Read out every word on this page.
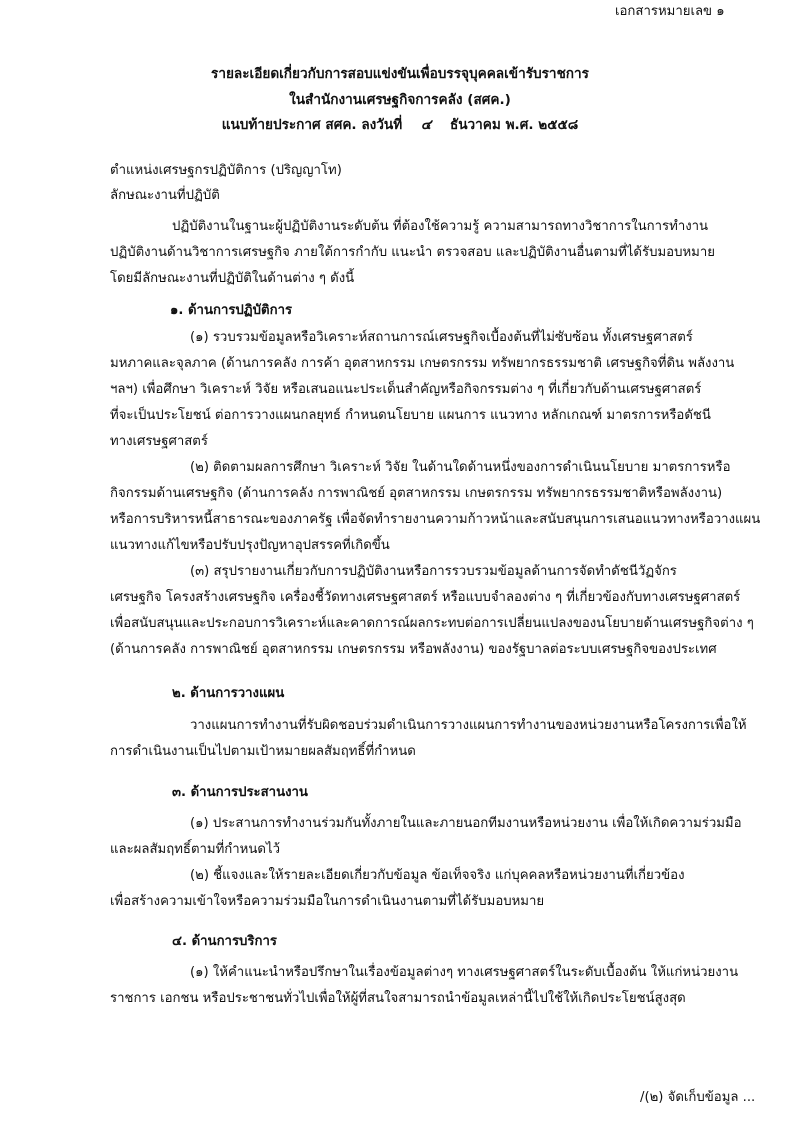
เอกสารหมายเลข ๑
รายละเอียดเกี่ยวกับการสอบแข่งขันเพื่อบรรจุบุคคลเข้ารับราชการ
ในสำนักงานเศรษฐกิจการคลัง (สศค.)
แนบท้ายประกาศ สศค. ลงวันที่ ๔ ธันวาคม พ.ศ. ๒๕๕๘
ตำแหน่งเศรษฐกรปฏิบัติการ (ปริญญาโท)
ลักษณะงานที่ปฏิบัติ
ปฏิบัติงานในฐานะผู้ปฏิบัติงานระดับต้น ที่ต้องใช้ความรู้ ความสามารถทางวิชาการในการทำงาน
ปฏิบัติงานด้านวิชาการเศรษฐกิจ ภายใต้การกำกับ แนะนำ ตรวจสอบ และปฏิบัติงานอื่นตามที่ได้รับมอบหมาย
โดยมีลักษณะงานที่ปฏิบัติในด้านต่าง ๆ ดังนี้
๑. ด้านการปฏิบัติการ
(๑) รวบรวมข้อมูลหรือวิเคราะห์สถานการณ์เศรษฐกิจเบื้องต้นที่ไม่ซับซ้อน ทั้งเศรษฐศาสตร์
มหภาคและจุลภาค (ด้านการคลัง การค้า อุตสาหกรรม เกษตรกรรม ทรัพยากรธรรมชาติ เศรษฐกิจที่ดิน พลังงาน
ฯลฯ) เพื่อศึกษา วิเคราะห์ วิจัย หรือเสนอแนะประเด็นสำคัญหรือกิจกรรมต่าง ๆ ที่เกี่ยวกับด้านเศรษฐศาสตร์
ที่จะเป็นประโยชน์ ต่อการวางแผนกลยุทธ์ กำหนดนโยบาย แผนการ แนวทาง หลักเกณฑ์ มาตรการหรือดัชนี
ทางเศรษฐศาสตร์
(๒) ติดตามผลการศึกษา วิเคราะห์ วิจัย ในด้านใดด้านหนึ่งของการดำเนินนโยบาย มาตรการหรือ
กิจกรรมด้านเศรษฐกิจ (ด้านการคลัง การพาณิชย์ อุตสาหกรรม เกษตรกรรม ทรัพยากรธรรมชาติหรือพลังงาน)
หรือการบริหารหนี้สาธารณะของภาครัฐ เพื่อจัดทำรายงานความก้าวหน้าและสนับสนุนการเสนอแนวทางหรือวางแผน
แนวทางแก้ไขหรือปรับปรุงปัญหาอุปสรรคที่เกิดขึ้น
(๓) สรุปรายงานเกี่ยวกับการปฏิบัติงานหรือการรวบรวมข้อมูลด้านการจัดทำดัชนีวัฏจักร
เศรษฐกิจ โครงสร้างเศรษฐกิจ เครื่องชี้วัดทางเศรษฐศาสตร์ หรือแบบจำลองต่าง ๆ ที่เกี่ยวข้องกับทางเศรษฐศาสตร์
เพื่อสนับสนุนและประกอบการวิเคราะห์และคาดการณ์ผลกระทบต่อการเปลี่ยนแปลงของนโยบายด้านเศรษฐกิจต่าง ๆ
(ด้านการคลัง การพาณิชย์ อุตสาหกรรม เกษตรกรรม หรือพลังงาน) ของรัฐบาลต่อระบบเศรษฐกิจของประเทศ
๒. ด้านการวางแผน
วางแผนการทำงานที่รับผิดชอบร่วมดำเนินการวางแผนการทำงานของหน่วยงานหรือโครงการเพื่อให้
การดำเนินงานเป็นไปตามเป้าหมายผลสัมฤทธิ์ที่กำหนด
๓. ด้านการประสานงาน
(๑) ประสานการทำงานร่วมกันทั้งภายในและภายนอกทีมงานหรือหน่วยงาน เพื่อให้เกิดความร่วมมือ
และผลสัมฤทธิ์ตามที่กำหนดไว้
(๒) ชี้แจงและให้รายละเอียดเกี่ยวกับข้อมูล ข้อเท็จจริง แก่บุคคลหรือหน่วยงานที่เกี่ยวข้อง
เพื่อสร้างความเข้าใจหรือความร่วมมือในการดำเนินงานตามที่ได้รับมอบหมาย
๔. ด้านการบริการ
(๑) ให้คำแนะนำหรือปรึกษาในเรื่องข้อมูลต่างๆ ทางเศรษฐศาสตร์ในระดับเบื้องต้น ให้แก่หน่วยงาน
ราชการ เอกชน หรือประชาชนทั่วไปเพื่อให้ผู้ที่สนใจสามารถนำข้อมูลเหล่านี้ไปใช้ให้เกิดประโยชน์สูงสุด
/(๒) จัดเก็บข้อมูล ...
